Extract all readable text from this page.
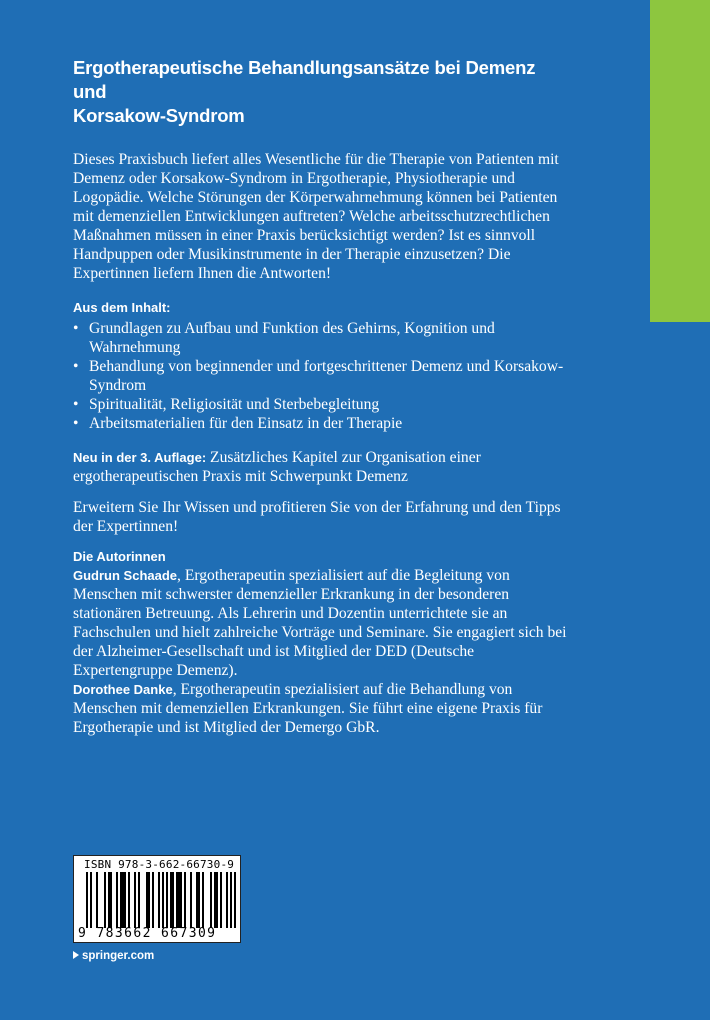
Ergotherapeutische Behandlungsansätze bei Demenz und
Korsakow-Syndrom
Dieses Praxisbuch liefert alles Wesentliche für die Therapie von Patienten mit Demenz oder Korsakow-Syndrom in Ergotherapie, Physiotherapie und Logopädie. Welche Störungen der Körperwahrnehmung können bei Patienten mit demenziellen Entwicklungen auftreten? Welche arbeitsschutzrechtlichen Maßnahmen müssen in einer Praxis berücksichtigt werden? Ist es sinnvoll Handpuppen oder Musikinstrumente in der Therapie einzusetzen? Die Expertinnen liefern Ihnen die Antworten!
Aus dem Inhalt:
• Grundlagen zu Aufbau und Funktion des Gehirns, Kognition und Wahrnehmung
• Behandlung von beginnender und fortgeschrittener Demenz und Korsakow-Syndrom
• Spiritualität, Religiosität und Sterbebegleitung
• Arbeitsmaterialien für den Einsatz in der Therapie
Neu in der 3. Auflage: Zusätzliches Kapitel zur Organisation einer ergotherapeutischen Praxis mit Schwerpunkt Demenz
Erweitern Sie Ihr Wissen und profitieren Sie von der Erfahrung und den Tipps der Expertinnen!
Die Autorinnen
Gudrun Schaade, Ergotherapeutin spezialisiert auf die Begleitung von Menschen mit schwerster demenzieller Erkrankung in der besonderen stationären Betreuung. Als Lehrerin und Dozentin unterrichtete sie an Fachschulen und hielt zahlreiche Vorträge und Seminare. Sie engagiert sich bei der Alzheimer-Gesellschaft und ist Mitglied der DED (Deutsche Expertengruppe Demenz).
Dorothee Danke, Ergotherapeutin spezialisiert auf die Behandlung von Menschen mit demenziellen Erkrankungen. Sie führt eine eigene Praxis für Ergotherapie und ist Mitglied der Demergo GbR.
ISBN 978-3-662-66730-9
9 783662 667309
springer.com
